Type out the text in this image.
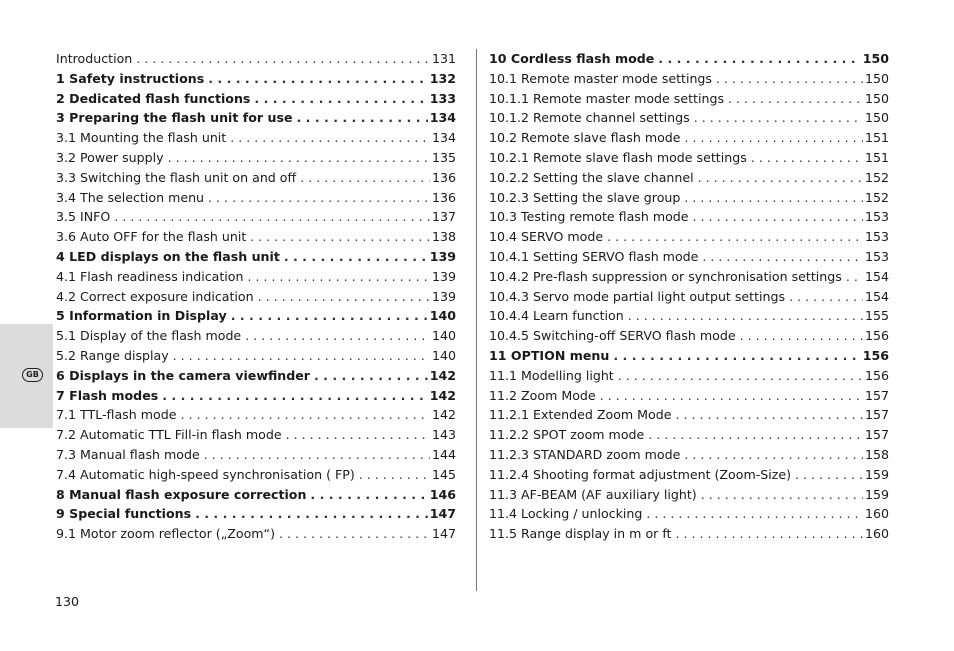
GB
Introduction . . .	131
1 Safety instructions . . .	132
2 Dedicated flash functions . . .	133
3 Preparing the flash unit for use . . .	134
3.1 Mounting the flash unit . . .	134
3.2 Power supply . . .	135
3.3 Switching the flash unit on and off . . .	136
3.4 The selection menu . . .	136
3.5 INFO . . .	137
3.6 Auto OFF for the flash unit . . .	138
4 LED displays on the flash unit . . .	139
4.1 Flash readiness indication . . .	139
4.2 Correct exposure indication . . .	139
5 Information in Display . . .	140
5.1 Display of the flash mode . . .	140
5.2 Range display . . .	140
6 Displays in the camera viewfinder . . .	142
7 Flash modes . . .	142
7.1 TTL-flash mode . . .	142
7.2 Automatic TTL Fill-in flash mode . . .	143
7.3 Manual flash mode . . .	144
7.4 Automatic high-speed synchronisation ( FP) . . .	145
8 Manual flash exposure correction . . .	146
9 Special functions . . .	147
9.1 Motor zoom reflector („Zoom“) . . .	147
10 Cordless flash mode . . .	150
10.1 Remote master mode settings . . .	150
10.1.1 Remote master mode settings . . .	150
10.1.2 Remote channel settings . . .	150
10.2 Remote slave flash mode . . .	151
10.2.1 Remote slave flash mode settings . . .	151
10.2.2 Setting the slave channel . . .	152
10.2.3 Setting the slave group . . .	152
10.3 Testing remote flash mode . . .	153
10.4 SERVO mode . . .	153
10.4.1 Setting SERVO flash mode . . .	153
10.4.2 Pre-flash suppression or synchronisation settings . . . 154
10.4.3 Servo mode partial light output settings . . .	154
10.4.4 Learn function . . .	155
10.4.5 Switching-off SERVO flash mode . . .	156
11 OPTION menu . . .	156
11.1 Modelling light . . .	156
11.2 Zoom Mode . . .	157
11.2.1 Extended Zoom Mode . . .	157
11.2.2 SPOT zoom mode . . .	157
11.2.3 STANDARD zoom mode . . .	158
11.2.4 Shooting format adjustment (Zoom-Size) . . .	159
11.3 AF-BEAM (AF auxiliary light) . . .	159
11.4 Locking / unlocking . . .	160
11.5 Range display in m or ft . . .	160
130
